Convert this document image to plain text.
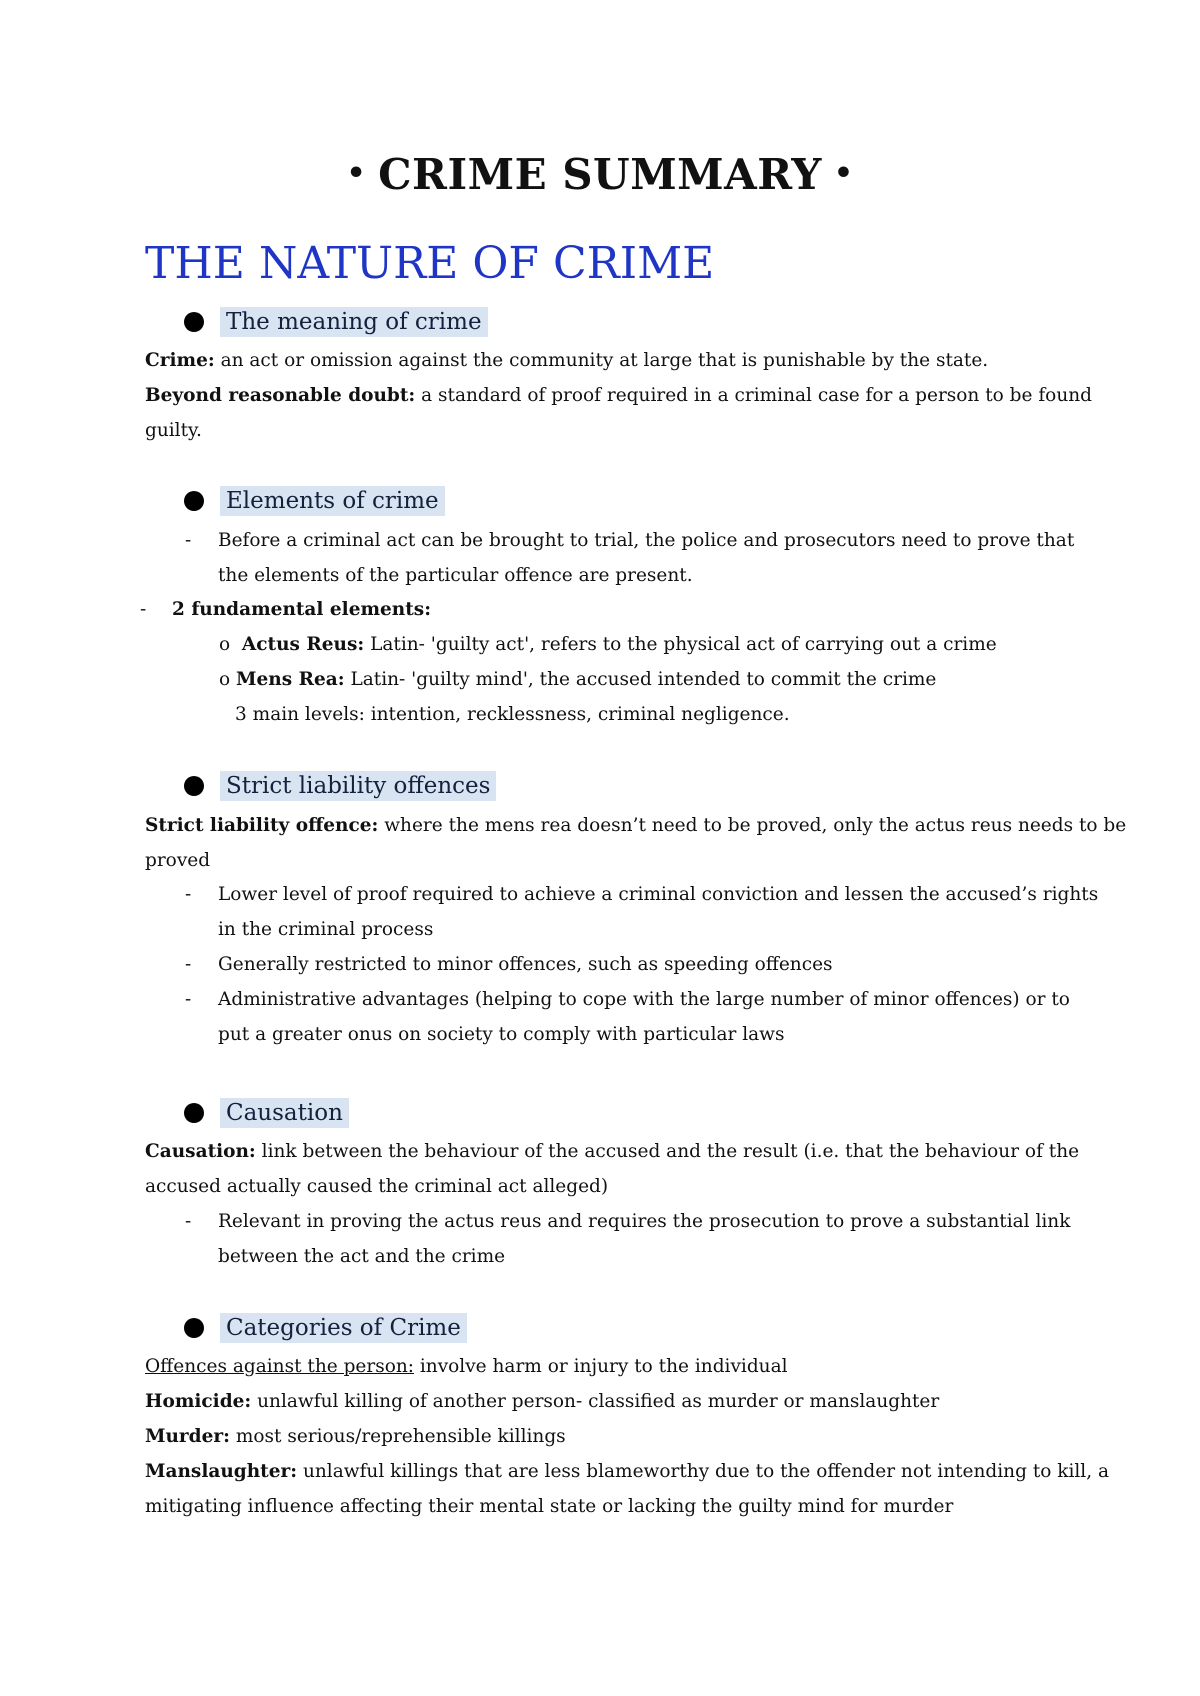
• CRIME SUMMARY •
THE NATURE OF CRIME
The meaning of crime
Crime: an act or omission against the community at large that is punishable by the state.
Beyond reasonable doubt: a standard of proof required in a criminal case for a person to be found
guilty.
Elements of crime
- Before a criminal act can be brought to trial, the police and prosecutors need to prove that
the elements of the particular offence are present.
- 2 fundamental elements:
o Actus Reus: Latin- 'guilty act', refers to the physical act of carrying out a crime
o Mens Rea: Latin- 'guilty mind', the accused intended to commit the crime
3 main levels: intention, recklessness, criminal negligence.
Strict liability offences
Strict liability offence: where the mens rea doesn’t need to be proved, only the actus reus needs to be
proved
- Lower level of proof required to achieve a criminal conviction and lessen the accused’s rights
in the criminal process
- Generally restricted to minor offences, such as speeding offences
- Administrative advantages (helping to cope with the large number of minor offences) or to
put a greater onus on society to comply with particular laws
Causation
Causation: link between the behaviour of the accused and the result (i.e. that the behaviour of the
accused actually caused the criminal act alleged)
- Relevant in proving the actus reus and requires the prosecution to prove a substantial link
between the act and the crime
Categories of Crime
Offences against the person: involve harm or injury to the individual
Homicide: unlawful killing of another person- classified as murder or manslaughter
Murder: most serious/reprehensible killings
Manslaughter: unlawful killings that are less blameworthy due to the offender not intending to kill, a
mitigating influence affecting their mental state or lacking the guilty mind for murder
